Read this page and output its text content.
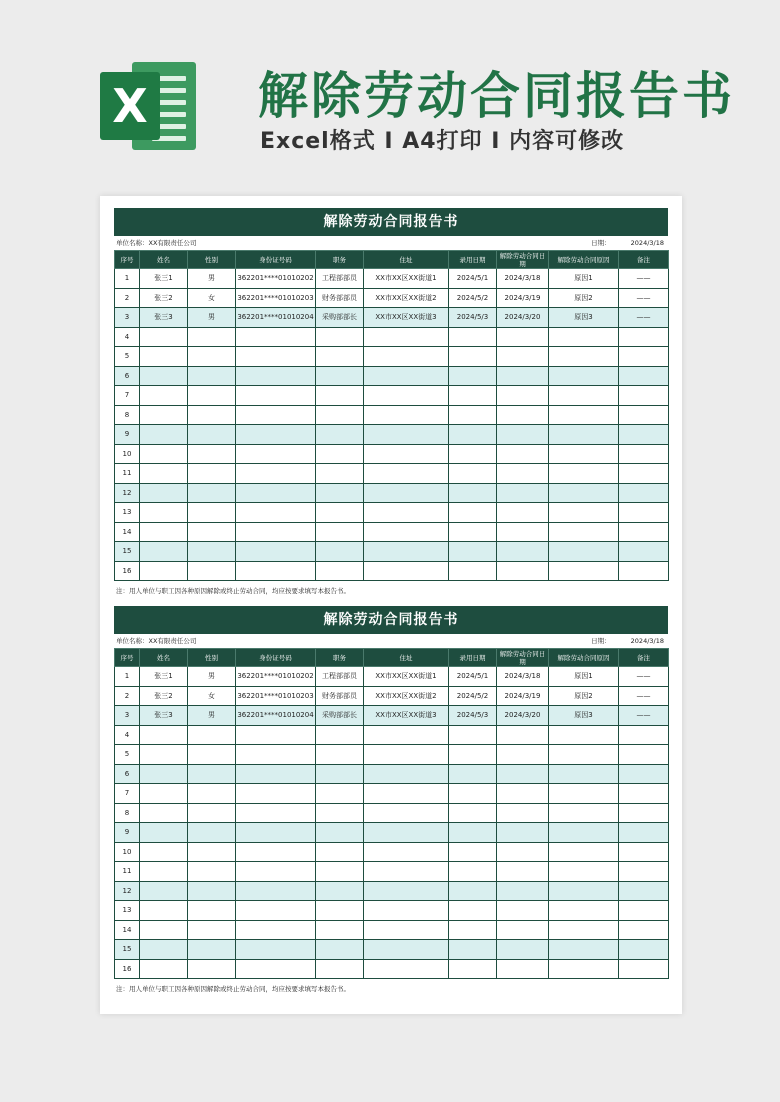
X 解除劳动合同报告书
Excel格式 I A4打印 I 内容可修改
解除劳动合同报告书
单位名称：XX有限责任公司	日期：	2024/3/18
序号	姓名	性别	身份证号码	职务	住址	录用日期	解除劳动合同日期	解除劳动合同原因	备注
1	张三1	男	362201****01010202	工程部部员	XX市XX区XX街道1	2024/5/1	2024/3/18	原因1	——
2	张三2	女	362201****01010203	财务部部员	XX市XX区XX街道2	2024/5/2	2024/3/19	原因2	——
3	张三3	男	362201****01010204	采购部部长	XX市XX区XX街道3	2024/5/3	2024/3/20	原因3	——
4									
5									
6									
7									
8									
9									
10									
11									
12									
13									
14									
15									
16									
注：用人单位与职工因各种原因解除或终止劳动合同，均应按要求填写本报告书。
解除劳动合同报告书
单位名称：XX有限责任公司	日期：	2024/3/18
序号	姓名	性别	身份证号码	职务	住址	录用日期	解除劳动合同日期	解除劳动合同原因	备注
1	张三1	男	362201****01010202	工程部部员	XX市XX区XX街道1	2024/5/1	2024/3/18	原因1	——
2	张三2	女	362201****01010203	财务部部员	XX市XX区XX街道2	2024/5/2	2024/3/19	原因2	——
3	张三3	男	362201****01010204	采购部部长	XX市XX区XX街道3	2024/5/3	2024/3/20	原因3	——
4									
5									
6									
7									
8									
9									
10									
11									
12									
13									
14									
15									
16									
注：用人单位与职工因各种原因解除或终止劳动合同，均应按要求填写本报告书。
